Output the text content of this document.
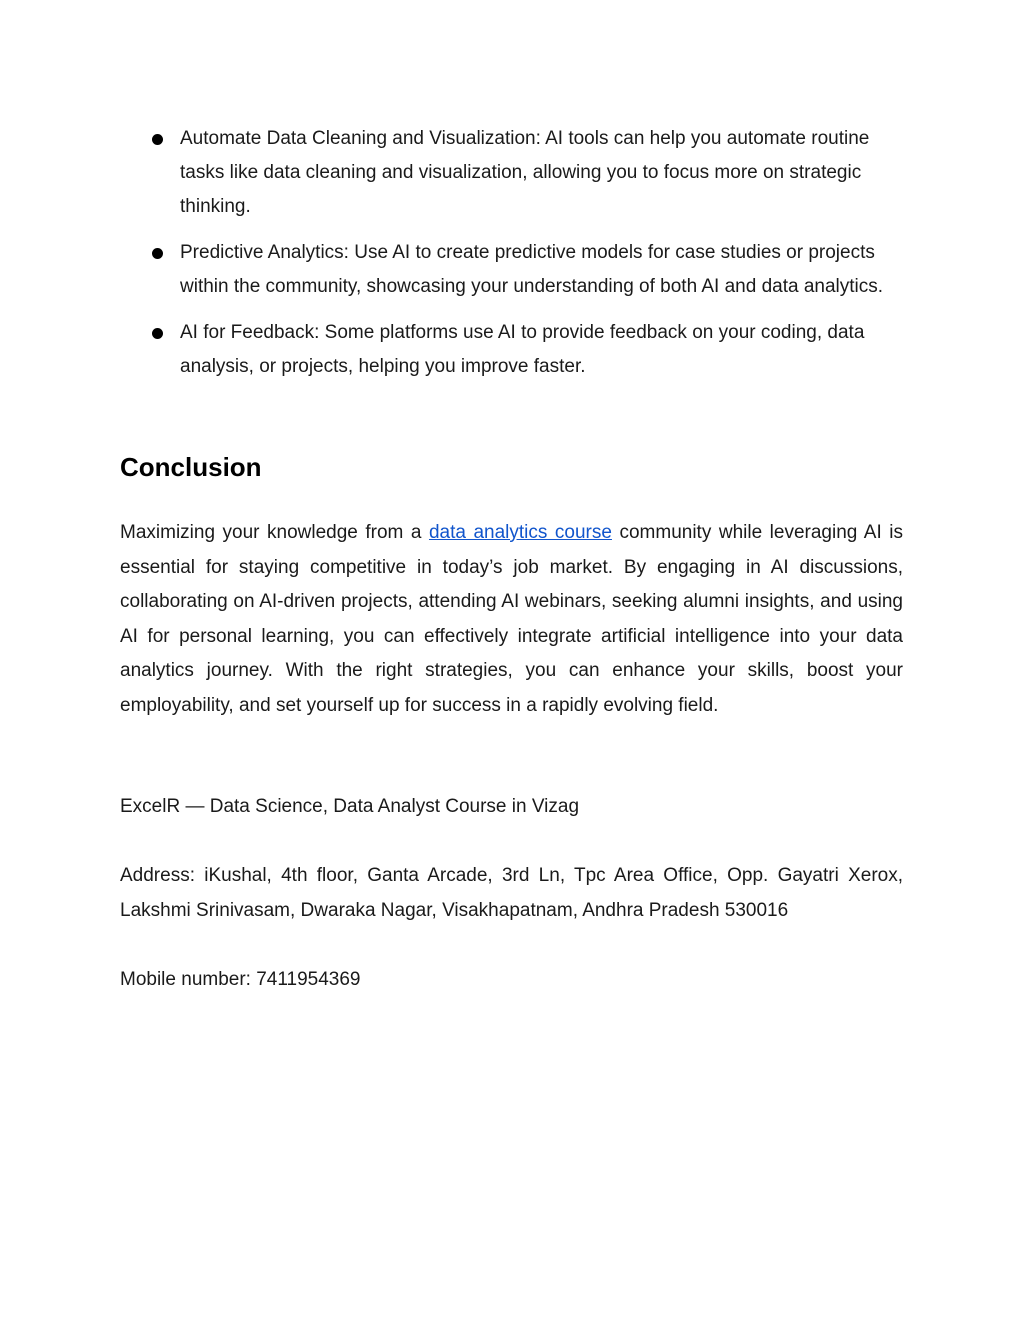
Automate Data Cleaning and Visualization: AI tools can help you automate routine tasks like data cleaning and visualization, allowing you to focus more on strategic thinking.
Predictive Analytics: Use AI to create predictive models for case studies or projects within the community, showcasing your understanding of both AI and data analytics.
AI for Feedback: Some platforms use AI to provide feedback on your coding, data analysis, or projects, helping you improve faster.
Conclusion

Maximizing your knowledge from a data analytics course community while leveraging AI is essential for staying competitive in today’s job market. By engaging in AI discussions, collaborating on AI-driven projects, attending AI webinars, seeking alumni insights, and using AI for personal learning, you can effectively integrate artificial intelligence into your data analytics journey. With the right strategies, you can enhance your skills, boost your employability, and set yourself up for success in a rapidly evolving field.

ExcelR — Data Science, Data Analyst Course in Vizag

Address: iKushal, 4th floor, Ganta Arcade, 3rd Ln, Tpc Area Office, Opp. Gayatri Xerox, Lakshmi Srinivasam, Dwaraka Nagar, Visakhapatnam, Andhra Pradesh 530016

Mobile number: 7411954369
